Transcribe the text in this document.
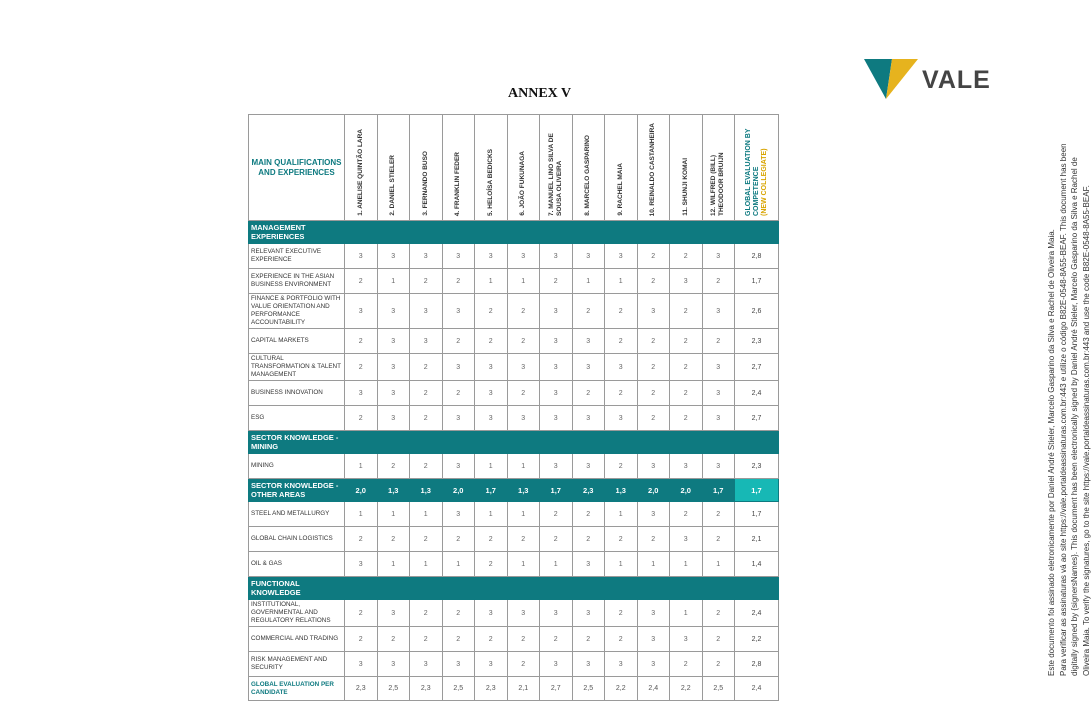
VALE
ANNEX V
MAIN QUALIFICATIONS AND EXPERIENCES	1. ANELISE QUINTÃO LARA	2. DANIEL STIELER	3. FERNANDO BUSO	4. FRANKLIN FEDER	5. HELOÍSA BEDICKS	6. JOÃO FUKUNAGA	7. MANUEL LINO SILVA DE SOUSA OLIVEIRA	8. MARCELO GASPARINO	9. RACHEL MAIA	10. REINALDO CASTANHEIRA	11. SHUNJI KOMAI	12. WILFRED (BILL) THEODOOR BRUIJN	GLOBAL EVALUATION BY COMPETENCE
(NEW COLLEGIATE)
MANAGEMENT EXPERIENCES													
RELEVANT EXECUTIVE EXPERIENCE	3	3	3	3	3	3	3	3	3	2	2	3	2,8
EXPERIENCE IN THE ASIAN BUSINESS ENVIRONMENT	2	1	2	2	1	1	2	1	1	2	3	2	1,7
FINANCE & PORTFOLIO WITH VALUE ORIENTATION AND PERFORMANCE ACCOUNTABILITY	3	3	3	3	2	2	3	2	2	3	2	3	2,6
CAPITAL MARKETS	2	3	3	2	2	2	3	3	2	2	2	2	2,3
CULTURAL TRANSFORMATION & TALENT MANAGEMENT	2	3	2	3	3	3	3	3	3	2	2	3	2,7
BUSINESS INNOVATION	3	3	2	2	3	2	3	2	2	2	2	3	2,4
ESG	2	3	2	3	3	3	3	3	3	2	2	3	2,7
SECTOR KNOWLEDGE - MINING													
MINING	1	2	2	3	1	1	3	3	2	3	3	3	2,3
SECTOR KNOWLEDGE - OTHER AREAS	2,0	1,3	1,3	2,0	1,7	1,3	1,7	2,3	1,3	2,0	2,0	1,7	1,7
STEEL AND METALLURGY	1	1	1	3	1	1	2	2	1	3	2	2	1,7
GLOBAL CHAIN LOGISTICS	2	2	2	2	2	2	2	2	2	2	3	2	2,1
OIL & GAS	3	1	1	1	2	1	1	3	1	1	1	1	1,4
FUNCTIONAL KNOWLEDGE													
INSTITUTIONAL, GOVERNMENTAL AND REGULATORY RELATIONS	2	3	2	2	3	3	3	3	2	3	1	2	2,4
COMMERCIAL AND TRADING	2	2	2	2	2	2	2	2	2	3	3	2	2,2
RISK MANAGEMENT AND SECURITY	3	3	3	3	3	2	3	3	3	3	2	2	2,8
GLOBAL EVALUATION PER CANDIDATE	2,3	2,5	2,3	2,5	2,3	2,1	2,7	2,5	2,2	2,4	2,2	2,5	2,4
Este documento foi assinado eletronicamente por Daniel André Stieler, Marcelo Gasparino da Silva e Rachel de Oliveira Maia. Para verificar as assinaturas vá ao site https://vale.portaldeassinaturas.com.br:443 e utilize o código B82E-0548-8A55-BEAF. This document has been digitally signed by {signersNames}. This document has been electronically signed by Daniel André Stieler, Marcelo Gasparino da Silva e Rachel de Oliveira Maia. To verify the signatures, go to the site https://vale.portaldeassinaturas.com.br:443 and use the code B82E-0548-8A55-BEAF.
